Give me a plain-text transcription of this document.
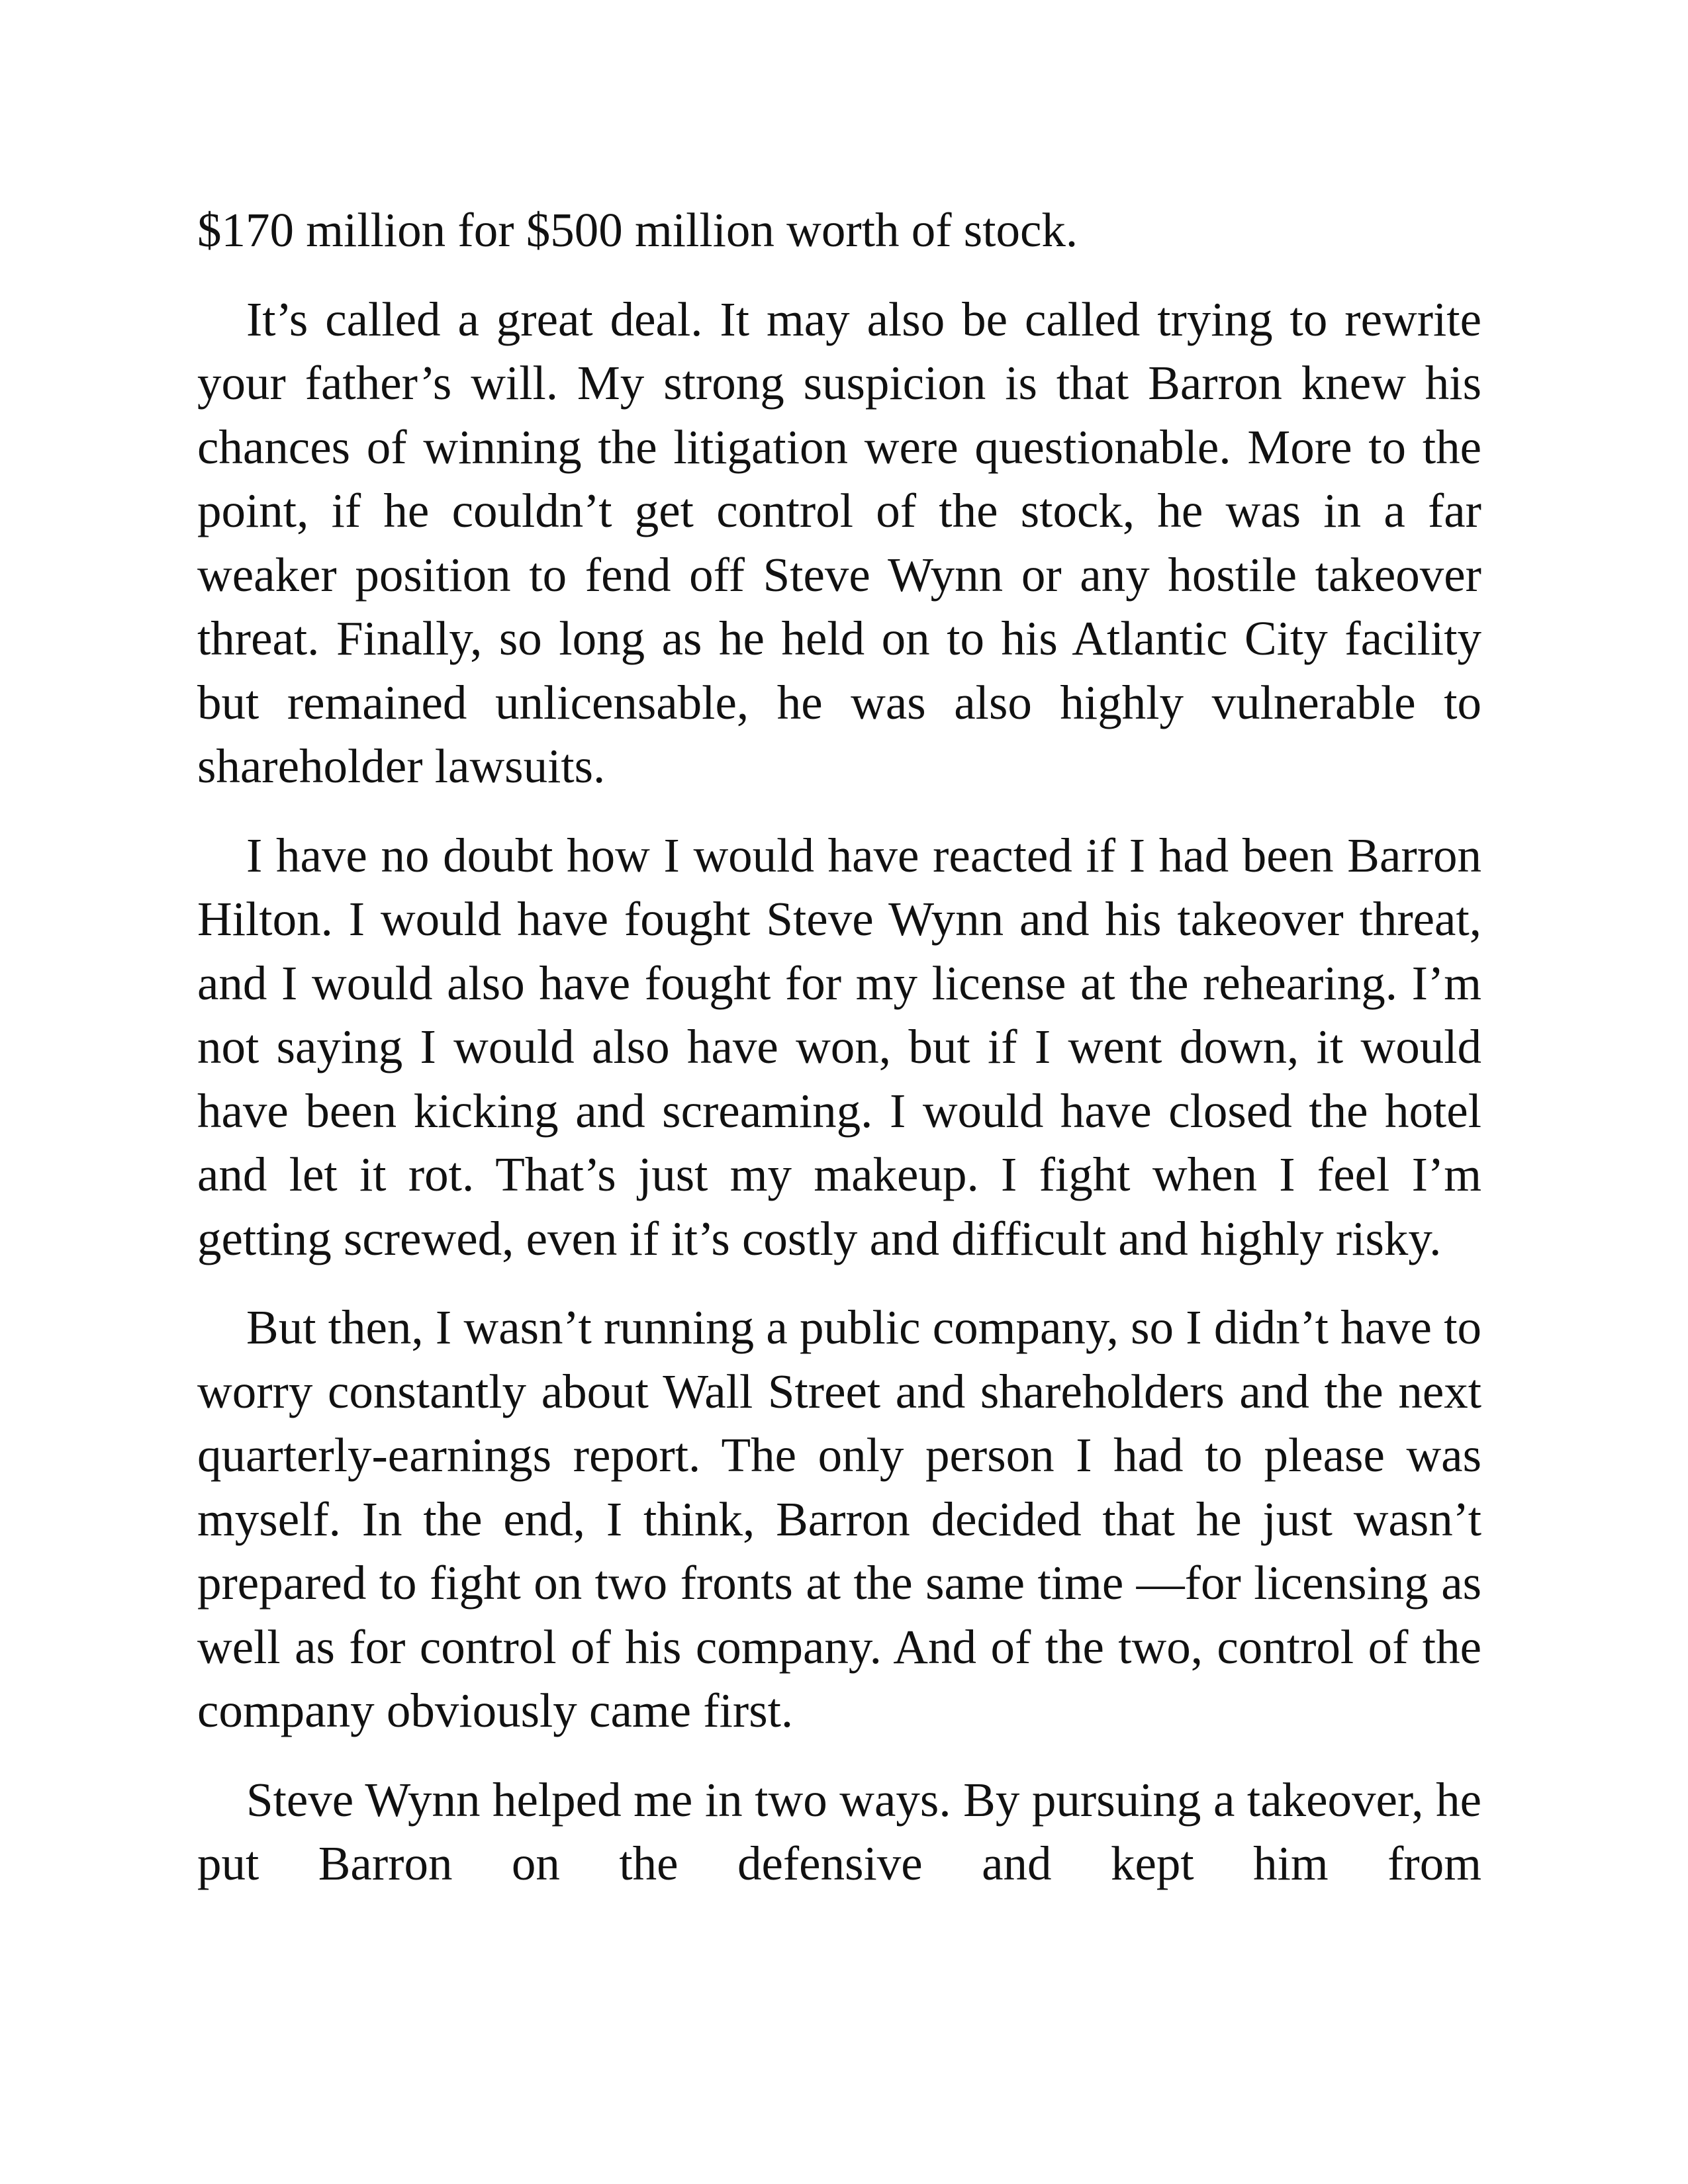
$170 million for $500 million worth of stock.

It’s called a great deal. It may also be called trying to rewrite your father’s will. My strong suspicion is that Barron knew his chances of winning the litigation were questionable. More to the point, if he couldn’t get control of the stock, he was in a far weaker position to fend off Steve Wynn or any hostile takeover threat. Finally, so long as he held on to his Atlantic City facility but remained unlicensable, he was also highly vulnerable to shareholder lawsuits.

I have no doubt how I would have reacted if I had been Barron Hilton. I would have fought Steve Wynn and his takeover threat, and I would also have fought for my license at the rehearing. I’m not saying I would also have won, but if I went down, it would have been kicking and screaming. I would have closed the hotel and let it rot. That’s just my makeup. I fight when I feel I’m getting screwed, even if it’s costly and difficult and highly risky.

But then, I wasn’t running a public company, so I didn’t have to worry constantly about Wall Street and shareholders and the next quarterly-earnings report. The only person I had to please was myself. In the end, I think, Barron decided that he just wasn’t prepared to fight on two fronts at the same time —for licensing as well as for control of his company. And of the two, control of the company obviously came first.

Steve Wynn helped me in two ways. By pursuing a takeover, he put Barron on the defensive and kept him from
